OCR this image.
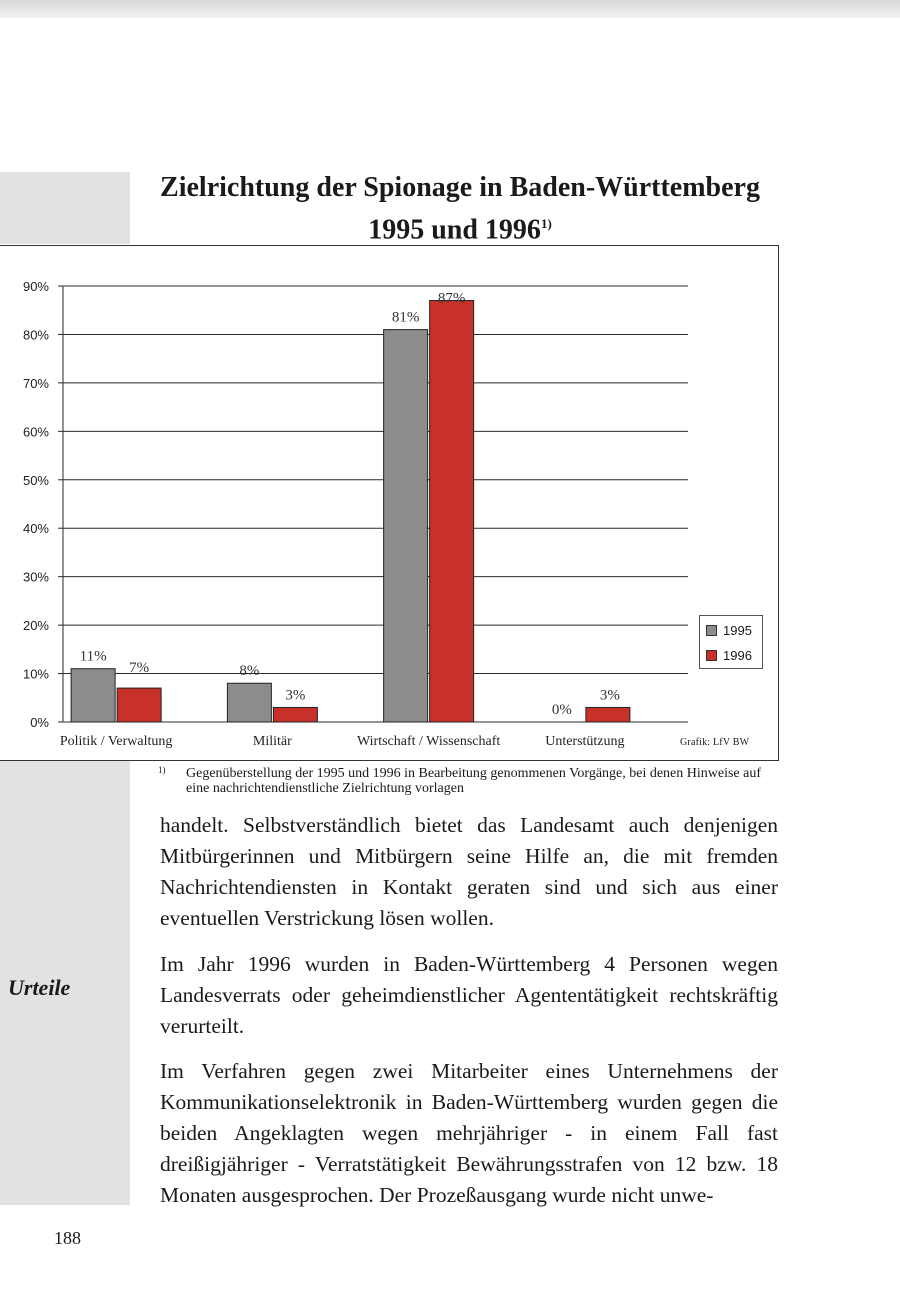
Zielrichtung der Spionage in Baden-Württemberg
1995 und 1996$^{1)}$
0%
10%
20%
30%
40%
50%
60%
70%
80%
90%
11%
7%
Politik / Verwaltung
8%
3%
Militär
81%
87%
Wirtschaft / Wissenschaft
0%
3%
Unterstützung
1995
1996
Grafik: LfV BW
1)	Gegenüberstellung der 1995 und 1996 in Bearbeitung genommenen Vorgänge, bei denen Hinweise auf eine nachrichtendienstliche Zielrichtung vorlagen

handelt. Selbstverständlich bietet das Landesamt auch denjenigen Mitbürgerinnen und Mitbürgern seine Hilfe an, die mit fremden Nachrichtendiensten in Kontakt geraten sind und sich aus einer eventuellen Verstrickung lösen wollen.

Im Jahr 1996 wurden in Baden-Württemberg 4 Personen wegen Landesverrats oder geheimdienstlicher Agententätigkeit rechtskräftig verurteilt.

Im Verfahren gegen zwei Mitarbeiter eines Unternehmens der Kommunikationselektronik in Baden-Württemberg wurden gegen die beiden Angeklagten wegen mehrjähriger - in einem Fall fast dreißigjähriger - Verratstätigkeit Bewährungsstrafen von 12 bzw. 18 Monaten ausgesprochen. Der Prozeßausgang wurde nicht unwe-

Urteile
188
